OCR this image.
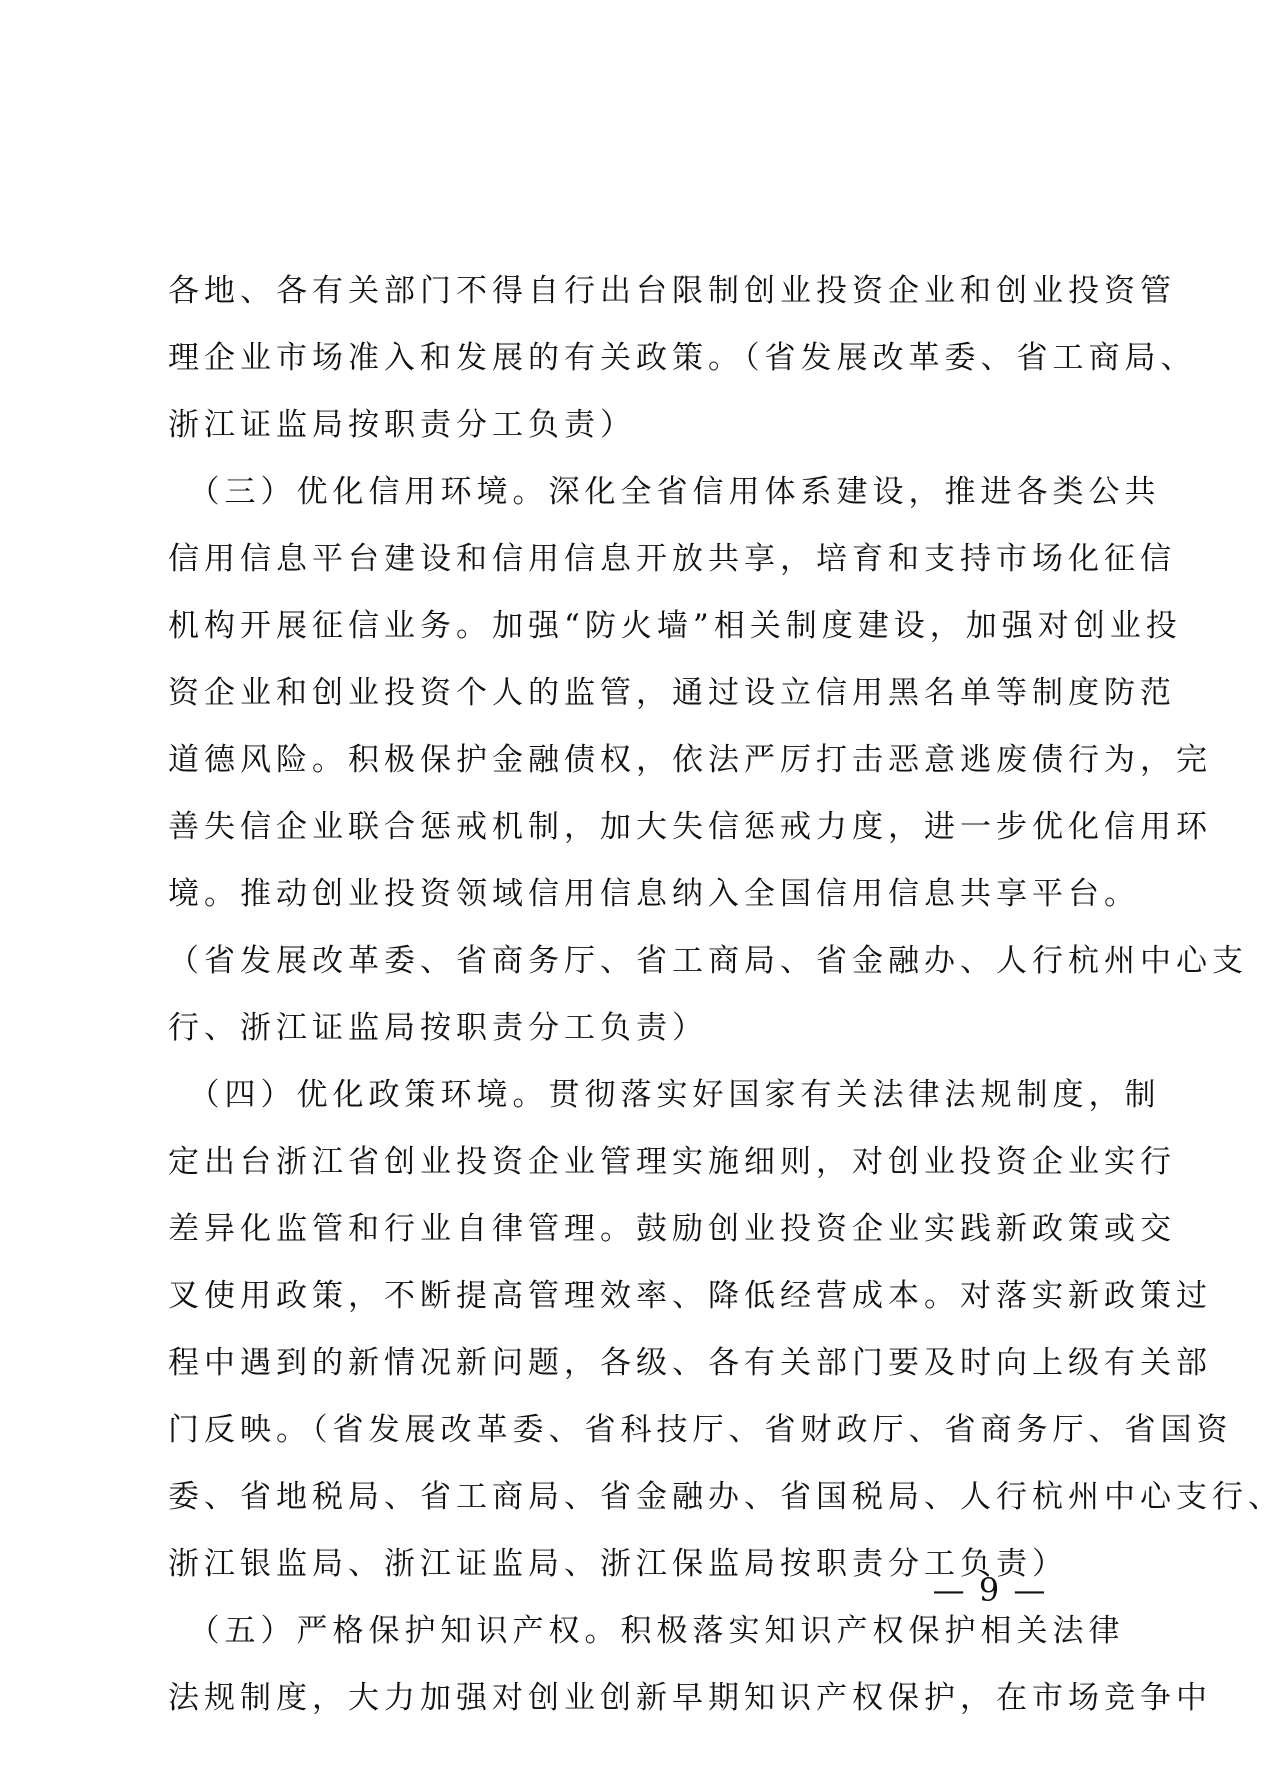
各地、各有关部门不得自行出台限制创业投资企业和创业投资管
理企业市场准入和发展的有关政策。（省发展改革委、省工商局、
浙江证监局按职责分工负责）
　（三）优化信用环境。深化全省信用体系建设，推进各类公共
信用信息平台建设和信用信息开放共享，培育和支持市场化征信
机构开展征信业务。加强“防火墙”相关制度建设，加强对创业投
资企业和创业投资个人的监管，通过设立信用黑名单等制度防范
道德风险。积极保护金融债权，依法严厉打击恶意逃废债行为，完
善失信企业联合惩戒机制，加大失信惩戒力度，进一步优化信用环
境。推动创业投资领域信用信息纳入全国信用信息共享平台。
（省发展改革委、省商务厅、省工商局、省金融办、人行杭州中心支
行、浙江证监局按职责分工负责）
　（四）优化政策环境。贯彻落实好国家有关法律法规制度，制
定出台浙江省创业投资企业管理实施细则，对创业投资企业实行
差异化监管和行业自律管理。鼓励创业投资企业实践新政策或交
叉使用政策，不断提高管理效率、降低经营成本。对落实新政策过
程中遇到的新情况新问题，各级、各有关部门要及时向上级有关部
门反映。（省发展改革委、省科技厅、省财政厅、省商务厅、省国资
委、省地税局、省工商局、省金融办、省国税局、人行杭州中心支行、
浙江银监局、浙江证监局、浙江保监局按职责分工负责）
　（五）严格保护知识产权。积极落实知识产权保护相关法律
法规制度，大力加强对创业创新早期知识产权保护，在市场竞争中
— 9 —
